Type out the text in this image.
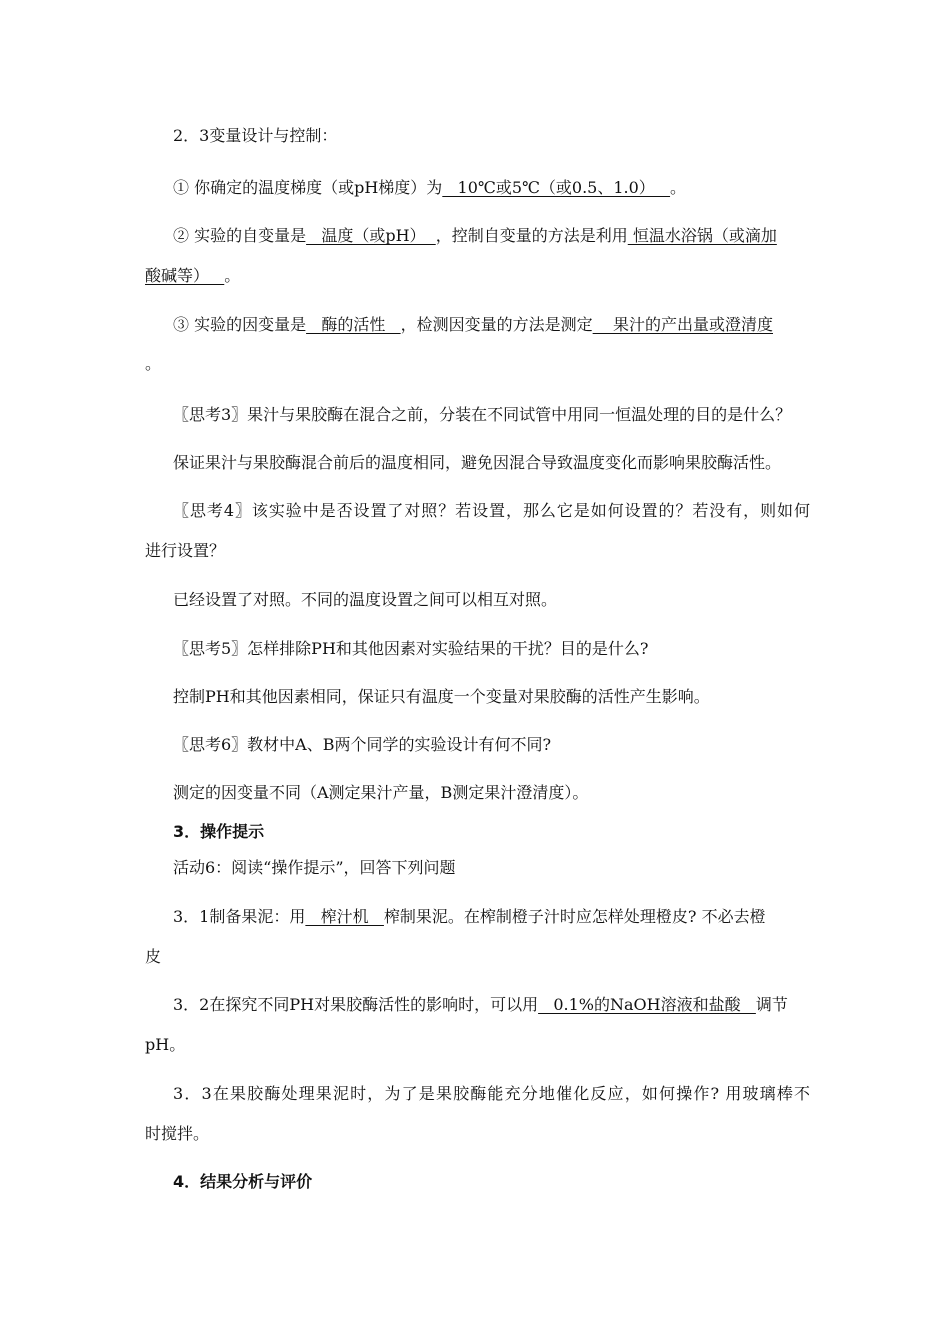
2．3变量设计与控制：
① 你确定的温度梯度（或pH梯度）为   10℃或5℃（或0.5、1.0）   。
② 实验的自变量是   温度（或pH）  ，控制自变量的方法是利用 恒温水浴锅（或滴加
酸碱等）   。
③ 实验的因变量是   酶的活性   ，检测因变量的方法是测定    果汁的产出量或澄清度
。
〖思考3〗果汁与果胶酶在混合之前，分装在不同试管中用同一恒温处理的目的是什么？
保证果汁与果胶酶混合前后的温度相同，避免因混合导致温度变化而影响果胶酶活性。
〖思考4〗该实验中是否设置了对照？若设置，那么它是如何设置的？若没有，则如何
进行设置？
已经设置了对照。不同的温度设置之间可以相互对照。
〖思考5〗怎样排除PH和其他因素对实验结果的干扰？目的是什么?
控制PH和其他因素相同，保证只有温度一个变量对果胶酶的活性产生影响。
〖思考6〗教材中A、B两个同学的实验设计有何不同?
测定的因变量不同（A测定果汁产量，B测定果汁澄清度）。
3．操作提示
活动6：阅读“操作提示”，回答下列问题
3．1制备果泥：用   榨汁机   榨制果泥。在榨制橙子汁时应怎样处理橙皮? 不必去橙
皮
3．2在探究不同PH对果胶酶活性的影响时，可以用   0.1%的NaOH溶液和盐酸   调节
pH。
3．3在果胶酶处理果泥时，为了是果胶酶能充分地催化反应，如何操作? 用玻璃棒不
时搅拌。
4．结果分析与评价
